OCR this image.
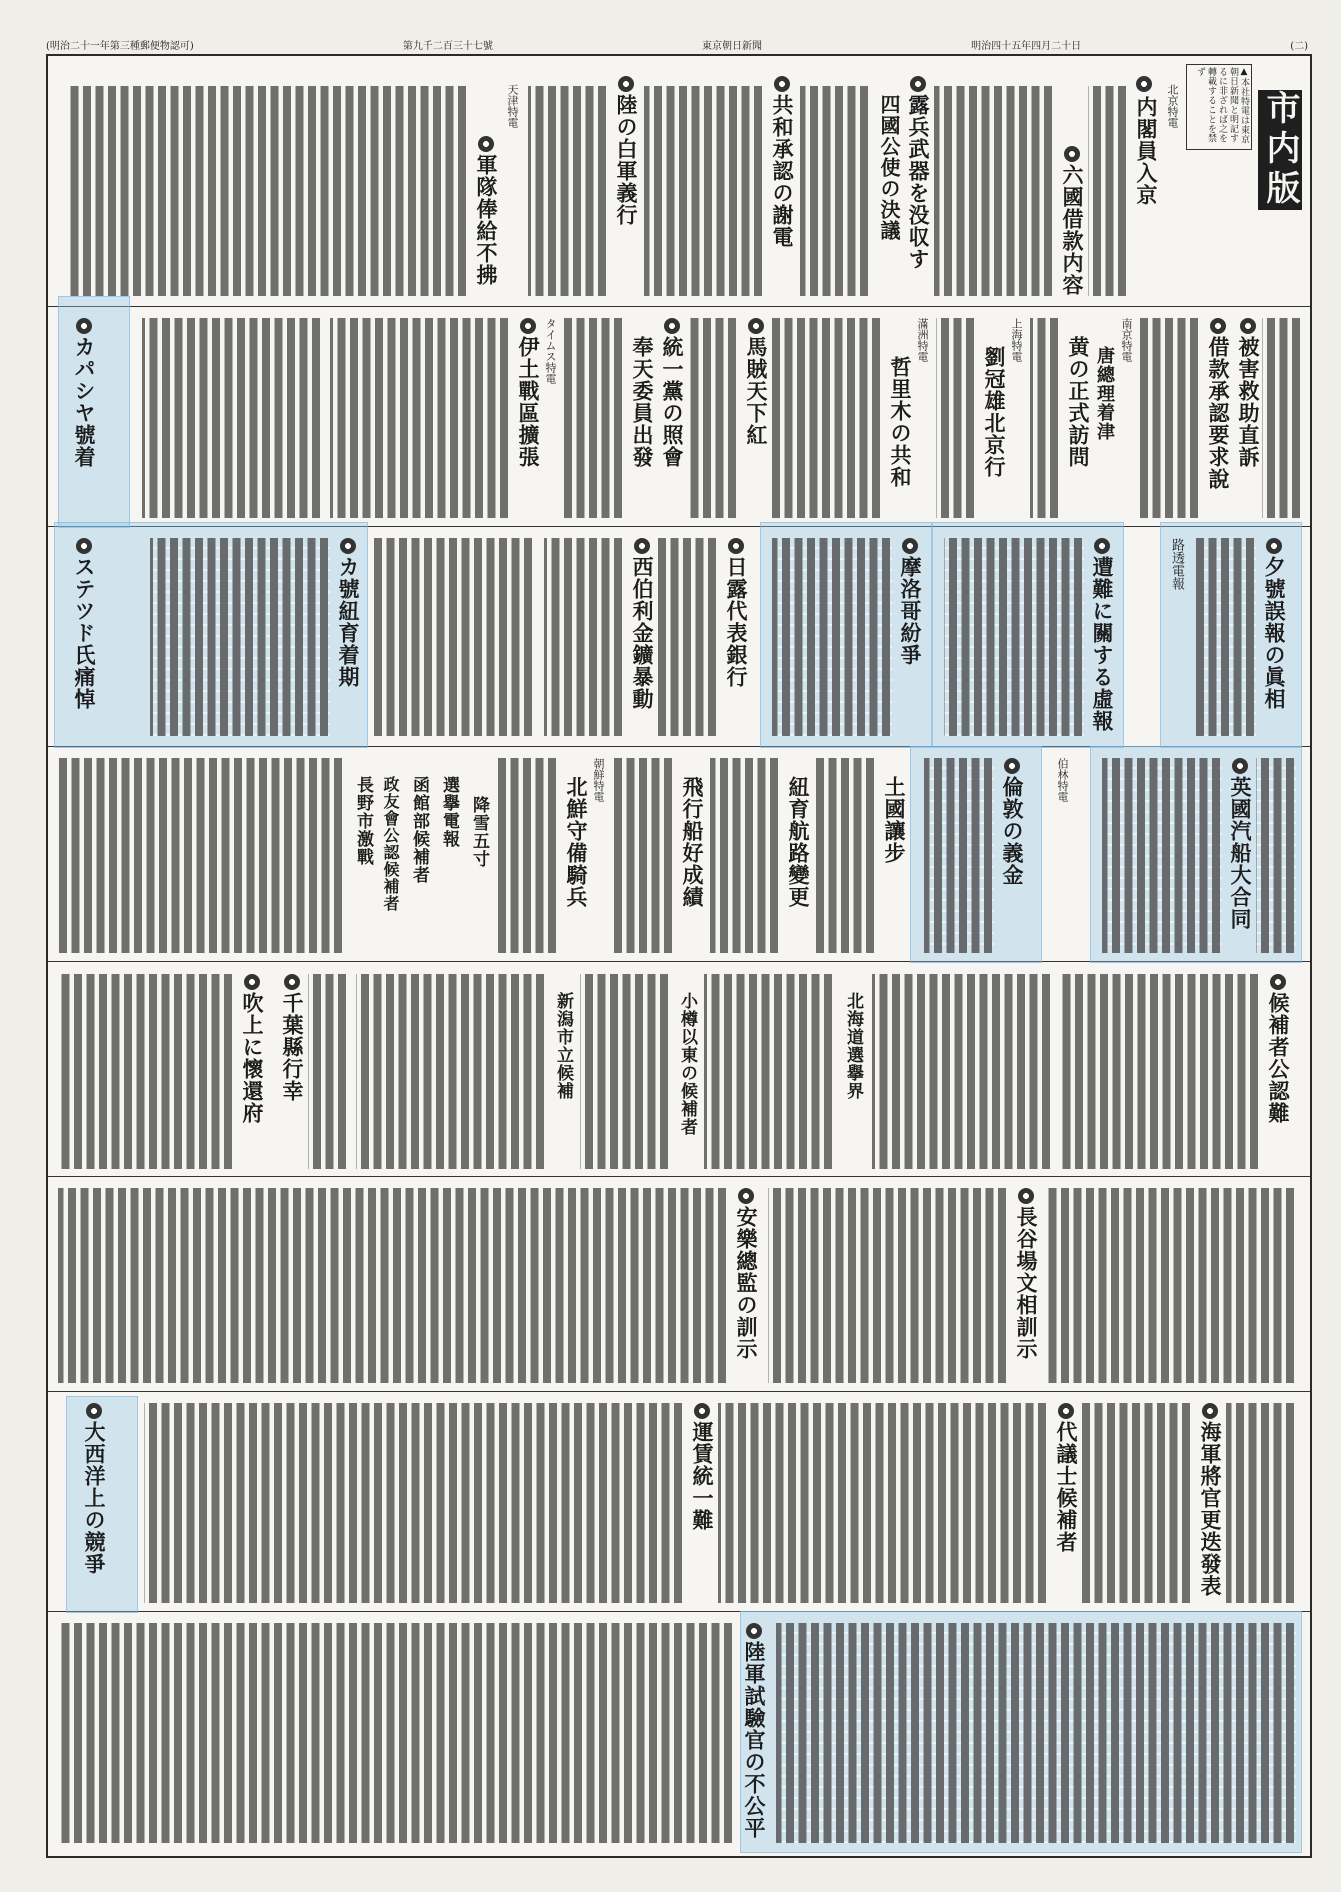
(明治二十一年第三種郵便物認可)	第九千二百三十七號	東京朝日新聞	明治四十五年四月二十日	(二)
市内版
▲本社特電は東京朝日新聞と明記するに非ざれば之を轉載することを禁ず
北京特電
内閣員入京
六國借款内容
露兵武器を没収す
四國公使の決議
共和承認の謝電
陸の白軍義行
天津特電
軍隊俸給不拂
被害救助直訴
借款承認要求說
南京特電
唐總理着津
黄の正式訪問
上海特電
劉冠雄北京行
滿洲特電
哲里木の共和
馬賊天下紅
統一黨の照會
奉天委員出發
タイムス特電
伊土戰區擴張
カパシヤ號着
夕號誤報の眞相
路透電報
遭難に關する虛報
摩洛哥紛爭
日露代表銀行
西伯利金鑛暴動
カ號紐育着期
ステツド氏痛悼
英國汽船大合同
倫敦の義金	伯林特電
土國讓步
紐育航路變更
飛行船好成績
朝鮮特電
北鮮守備騎兵
降雪五寸
選擧電報
函館部候補者
政友會公認候補者
長野市激戰
候補者公認難
北海道選擧界
小樽以東の候補者
新潟市立候補
千葉縣行幸
吹上に懷還府
長谷場文相訓示
安樂總監の訓示
海軍將官更迭發表
代議士候補者
運賃統一難
大西洋上の競爭
陸軍試驗官の不公平
